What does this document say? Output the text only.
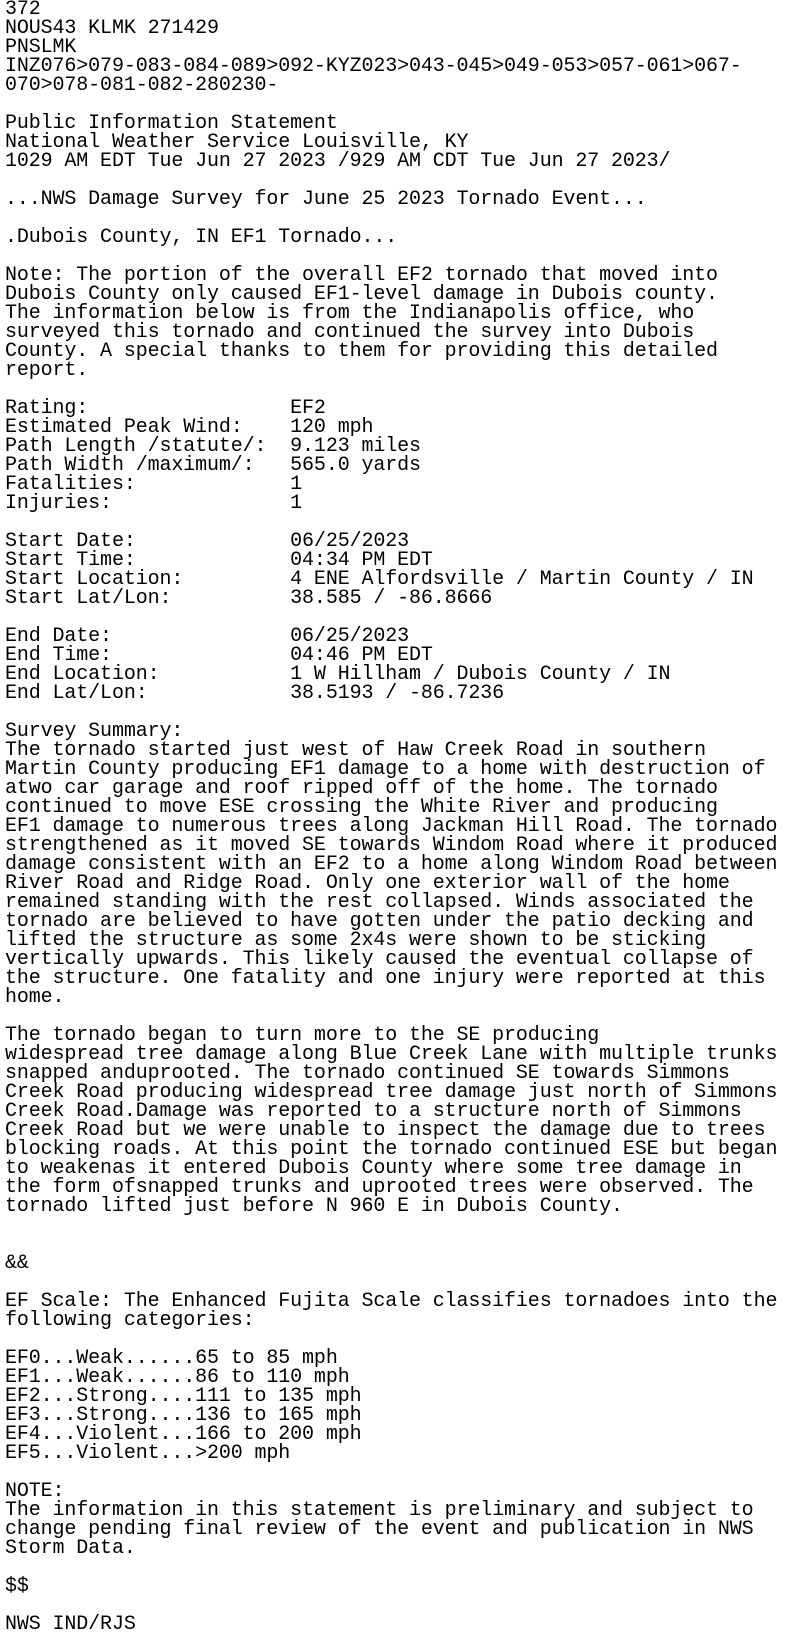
372
NOUS43 KLMK 271429
PNSLMK
INZ076>079-083-084-089>092-KYZ023>043-045>049-053>057-061>067-
070>078-081-082-280230-
Public Information Statement
National Weather Service Louisville, KY
1029 AM EDT Tue Jun 27 2023 /929 AM CDT Tue Jun 27 2023/
...NWS Damage Survey for June 25 2023 Tornado Event...
.Dubois County, IN EF1 Tornado...
Note: The portion of the overall EF2 tornado that moved into
Dubois County only caused EF1-level damage in Dubois county.
The information below is from the Indianapolis office, who
surveyed this tornado and continued the survey into Dubois
County. A special thanks to them for providing this detailed
report.
Rating:                 EF2
Estimated Peak Wind:    120 mph
Path Length /statute/:  9.123 miles
Path Width /maximum/:   565.0 yards
Fatalities:             1
Injuries:               1
Start Date:             06/25/2023
Start Time:             04:34 PM EDT
Start Location:         4 ENE Alfordsville / Martin County / IN
Start Lat/Lon:          38.585 / -86.8666
End Date:               06/25/2023
End Time:               04:46 PM EDT
End Location:           1 W Hillham / Dubois County / IN
End Lat/Lon:            38.5193 / -86.7236
Survey Summary:
The tornado started just west of Haw Creek Road in southern
Martin County producing EF1 damage to a home with destruction of
atwo car garage and roof ripped off of the home. The tornado
continued to move ESE crossing the White River and producing
EF1 damage to numerous trees along Jackman Hill Road. The tornado
strengthened as it moved SE towards Windom Road where it produced
damage consistent with an EF2 to a home along Windom Road between
River Road and Ridge Road. Only one exterior wall of the home
remained standing with the rest collapsed. Winds associated the
tornado are believed to have gotten under the patio decking and
lifted the structure as some 2x4s were shown to be sticking
vertically upwards. This likely caused the eventual collapse of
the structure. One fatality and one injury were reported at this
home.
The tornado began to turn more to the SE producing
widespread tree damage along Blue Creek Lane with multiple trunks
snapped anduprooted. The tornado continued SE towards Simmons
Creek Road producing widespread tree damage just north of Simmons
Creek Road.Damage was reported to a structure north of Simmons
Creek Road but we were unable to inspect the damage due to trees
blocking roads. At this point the tornado continued ESE but began
to weakenas it entered Dubois County where some tree damage in
the form ofsnapped trunks and uprooted trees were observed. The
tornado lifted just before N 960 E in Dubois County.
&&
EF Scale: The Enhanced Fujita Scale classifies tornadoes into the
following categories:
EF0...Weak......65 to 85 mph
EF1...Weak......86 to 110 mph
EF2...Strong....111 to 135 mph
EF3...Strong....136 to 165 mph
EF4...Violent...166 to 200 mph
EF5...Violent...>200 mph
NOTE:
The information in this statement is preliminary and subject to
change pending final review of the event and publication in NWS
Storm Data.
$$
NWS IND/RJS
